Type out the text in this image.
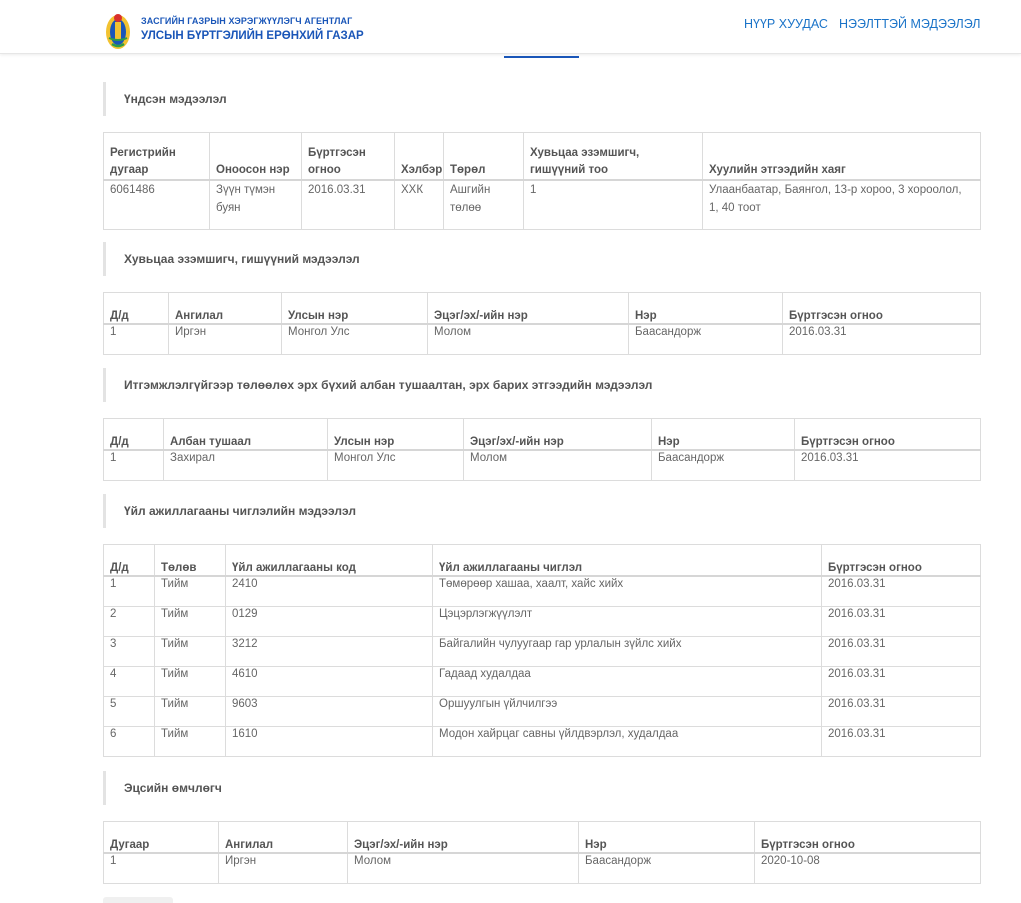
ЗАСГИЙН ГАЗРЫН ХЭРЭГЖҮҮЛЭГЧ АГЕНТЛАГ
УЛСЫН БҮРТГЭЛИЙН ЕРӨНХИЙ ГАЗАР
НҮҮР ХУУДАС НЭЭЛТТЭЙ МЭДЭЭЛЭЛ
Үндсэн мэдээлэл
Регистрийн дугаар	Оноосон нэр	Бүртгэсэн огноо	Хэлбэр	Төрөл	Хувьцаа эзэмшигч, гишүүний тоо	Хуулийн этгээдийн хаяг
6061486	Зүүн түмэн буян	2016.03.31	ХХК	Ашгийн төлөө	1	Улаанбаатар, Баянгол, 13-р хороо, 3 хороолол, 1, 40 тоот
Хувьцаа эзэмшигч, гишүүний мэдээлэл
Д/д	Ангилал	Улсын нэр	Эцэг/эх/-ийн нэр	Нэр	Бүртгэсэн огноо
1	Иргэн	Монгол Улс	Молом	Баасандорж	2016.03.31
Итгэмжлэлгүйгээр төлөөлөх эрх бүхий албан тушаалтан, эрх барих этгээдийн мэдээлэл
Д/д	Албан тушаал	Улсын нэр	Эцэг/эх/-ийн нэр	Нэр	Бүртгэсэн огноо
1	Захирал	Монгол Улс	Молом	Баасандорж	2016.03.31
Үйл ажиллагааны чиглэлийн мэдээлэл
Д/д	Төлөв	Үйл ажиллагааны код	Үйл ажиллагааны чиглэл	Бүртгэсэн огноо
1	Тийм	2410	Төмөрөөр хашаа, хаалт, хайс хийх	2016.03.31
2	Тийм	0129	Цэцэрлэгжүүлэлт	2016.03.31
3	Тийм	3212	Байгалийн чулуугаар гар урлалын зүйлс хийх	2016.03.31
4	Тийм	4610	Гадаад худалдаа	2016.03.31
5	Тийм	9603	Оршуулгын үйлчилгээ	2016.03.31
6	Тийм	1610	Модон хайрцаг савны үйлдвэрлэл, худалдаа	2016.03.31
Эцсийн өмчлөгч
Дугаар	Ангилал	Эцэг/эх/-ийн нэр	Нэр	Бүртгэсэн огноо
1	Иргэн	Молом	Баасандорж	2020-10-08
